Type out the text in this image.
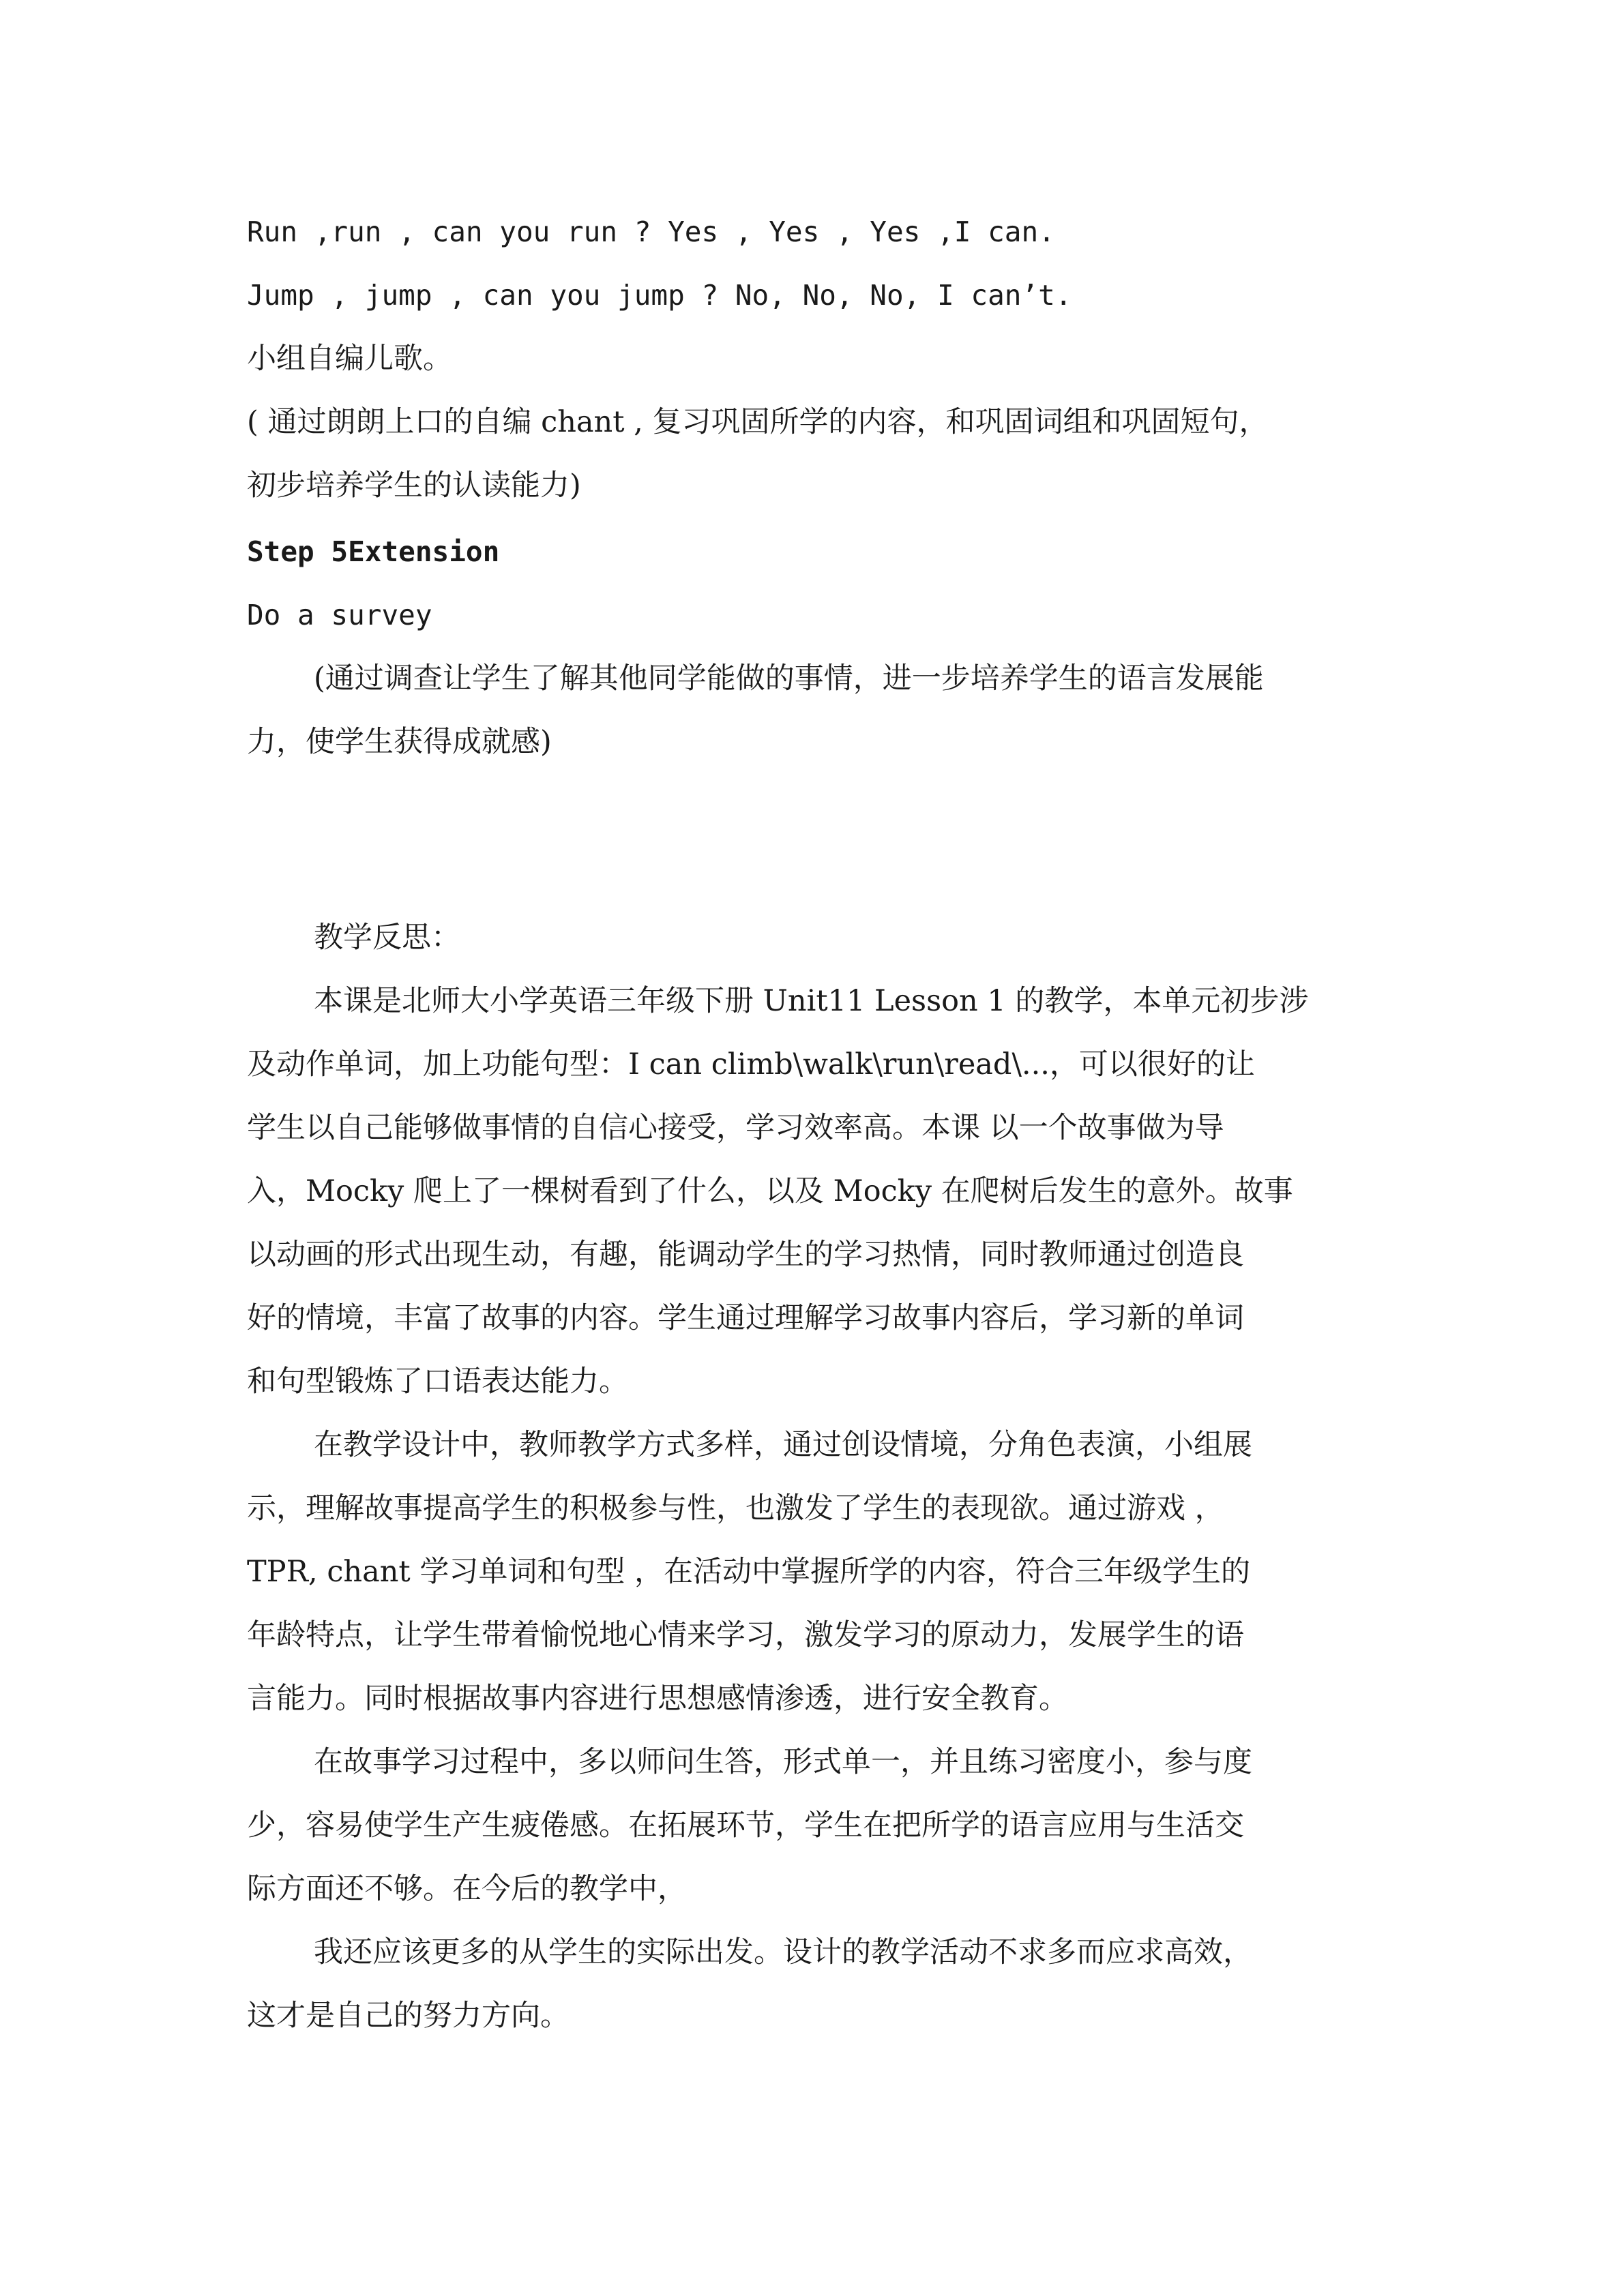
Run ,run , can you run ? Yes , Yes , Yes ,I can.
Jump , jump , can you jump ? No, No, No, I can’t.
小组自编儿歌。
( 通过朗朗上口的自编 chant , 复习巩固所学的内容，和巩固词组和巩固短句，
初步培养学生的认读能力)
Step 5Extension
Do a survey
(通过调查让学生了解其他同学能做的事情，进一步培养学生的语言发展能
力，使学生获得成就感)
教学反思：
本课是北师大小学英语三年级下册 Unit11 Lesson 1 的教学，本单元初步涉
及动作单词，加上功能句型：I can climb\walk\run\read\...，可以很好的让
学生以自己能够做事情的自信心接受，学习效率高。本课 以一个故事做为导
入，Mocky 爬上了一棵树看到了什么，以及 Mocky 在爬树后发生的意外。故事
以动画的形式出现生动，有趣，能调动学生的学习热情，同时教师通过创造良
好的情境，丰富了故事的内容。学生通过理解学习故事内容后，学习新的单词
和句型锻炼了口语表达能力。
在教学设计中，教师教学方式多样，通过创设情境，分角色表演，小组展
示，理解故事提高学生的积极参与性，也激发了学生的表现欲。通过游戏 ，
TPR, chant 学习单词和句型 ，在活动中掌握所学的内容，符合三年级学生的
年龄特点，让学生带着愉悦地心情来学习，激发学习的原动力，发展学生的语
言能力。同时根据故事内容进行思想感情渗透，进行安全教育。
在故事学习过程中，多以师问生答，形式单一，并且练习密度小，参与度
少，容易使学生产生疲倦感。在拓展环节，学生在把所学的语言应用与生活交
际方面还不够。在今后的教学中，
我还应该更多的从学生的实际出发。设计的教学活动不求多而应求高效，
这才是自己的努力方向。
